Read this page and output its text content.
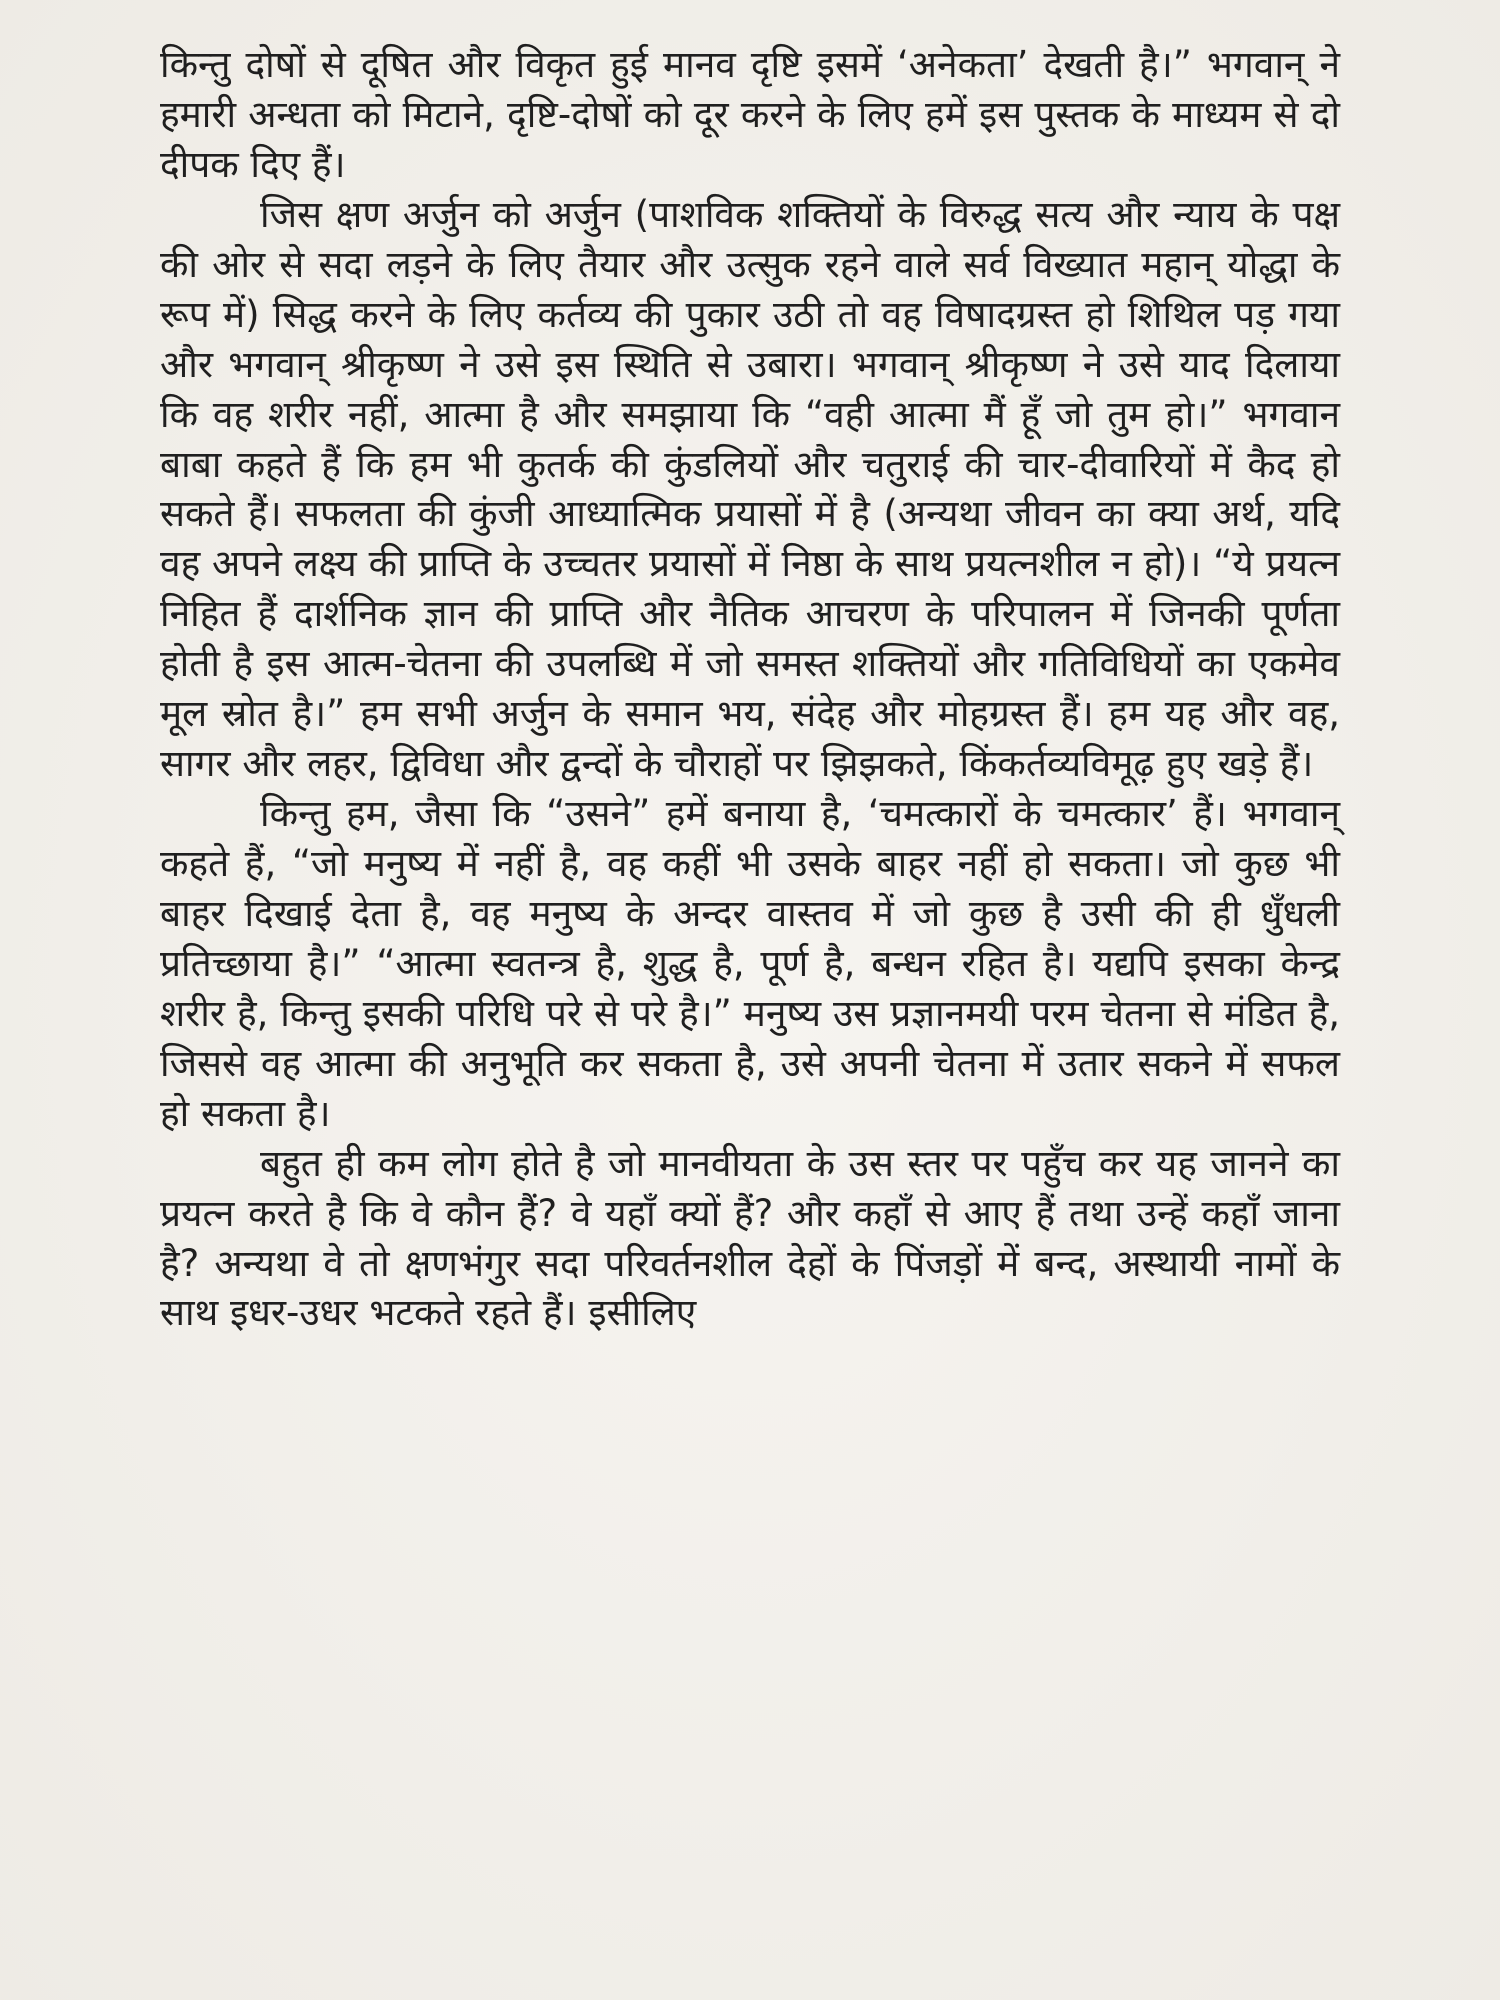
किन्तु दोषों से दूषित और विकृत हुई मानव दृष्टि इसमें ‘अनेकता’ देखती है।” भगवान् ने हमारी अन्धता को मिटाने, दृष्टि-दोषों को दूर करने के लिए हमें इस पुस्तक के माध्यम से दो दीपक दिए हैं।

जिस क्षण अर्जुन को अर्जुन (पाशविक शक्तियों के विरुद्ध सत्य और न्याय के पक्ष की ओर से सदा लड़ने के लिए तैयार और उत्सुक रहने वाले सर्व विख्यात महान् योद्धा के रूप में) सिद्ध करने के लिए कर्तव्य की पुकार उठी तो वह विषादग्रस्त हो शिथिल पड़ गया और भगवान् श्रीकृष्ण ने उसे इस स्थिति से उबारा। भगवान् श्रीकृष्ण ने उसे याद दिलाया कि वह शरीर नहीं, आत्मा है और समझाया कि “वही आत्मा मैं हूँ जो तुम हो।” भगवान बाबा कहते हैं कि हम भी कुतर्क की कुंडलियों और चतुराई की चार-दीवारियों में कैद हो सकते हैं। सफलता की कुंजी आध्यात्मिक प्रयासों में है (अन्यथा जीवन का क्या अर्थ, यदि वह अपने लक्ष्य की प्राप्ति के उच्चतर प्रयासों में निष्ठा के साथ प्रयत्नशील न हो)। “ये प्रयत्न निहित हैं दार्शनिक ज्ञान की प्राप्ति और नैतिक आचरण के परिपालन में जिनकी पूर्णता होती है इस आत्म-चेतना की उपलब्धि में जो समस्त शक्तियों और गतिविधियों का एकमेव मूल स्रोत है।” हम सभी अर्जुन के समान भय, संदेह और मोहग्रस्त हैं। हम यह और वह, सागर और लहर, द्विविधा और द्वन्दों के चौराहों पर झिझकते, किंकर्तव्यविमूढ़ हुए खड़े हैं।

किन्तु हम, जैसा कि “उसने” हमें बनाया है, ‘चमत्कारों के चमत्कार’ हैं। भगवान् कहते हैं, “जो मनुष्य में नहीं है, वह कहीं भी उसके बाहर नहीं हो सकता। जो कुछ भी बाहर दिखाई देता है, वह मनुष्य के अन्दर वास्तव में जो कुछ है उसी की ही धुँधली प्रतिच्छाया है।” “आत्मा स्वतन्त्र है, शुद्ध है, पूर्ण है, बन्धन रहित है। यद्यपि इसका केन्द्र शरीर है, किन्तु इसकी परिधि परे से परे है।” मनुष्य उस प्रज्ञानमयी परम चेतना से मंडित है, जिससे वह आत्मा की अनुभूति कर सकता है, उसे अपनी चेतना में उतार सकने में सफल हो सकता है।

बहुत ही कम लोग होते है जो मानवीयता के उस स्तर पर पहुँच कर यह जानने का प्रयत्न करते है कि वे कौन हैं? वे यहाँ क्यों हैं? और कहाँ से आए हैं तथा उन्हें कहाँ जाना है? अन्यथा वे तो क्षणभंगुर सदा परिवर्तनशील देहों के पिंजड़ों में बन्द, अस्थायी नामों के साथ इधर-उधर भटकते रहते हैं। इसीलिए
